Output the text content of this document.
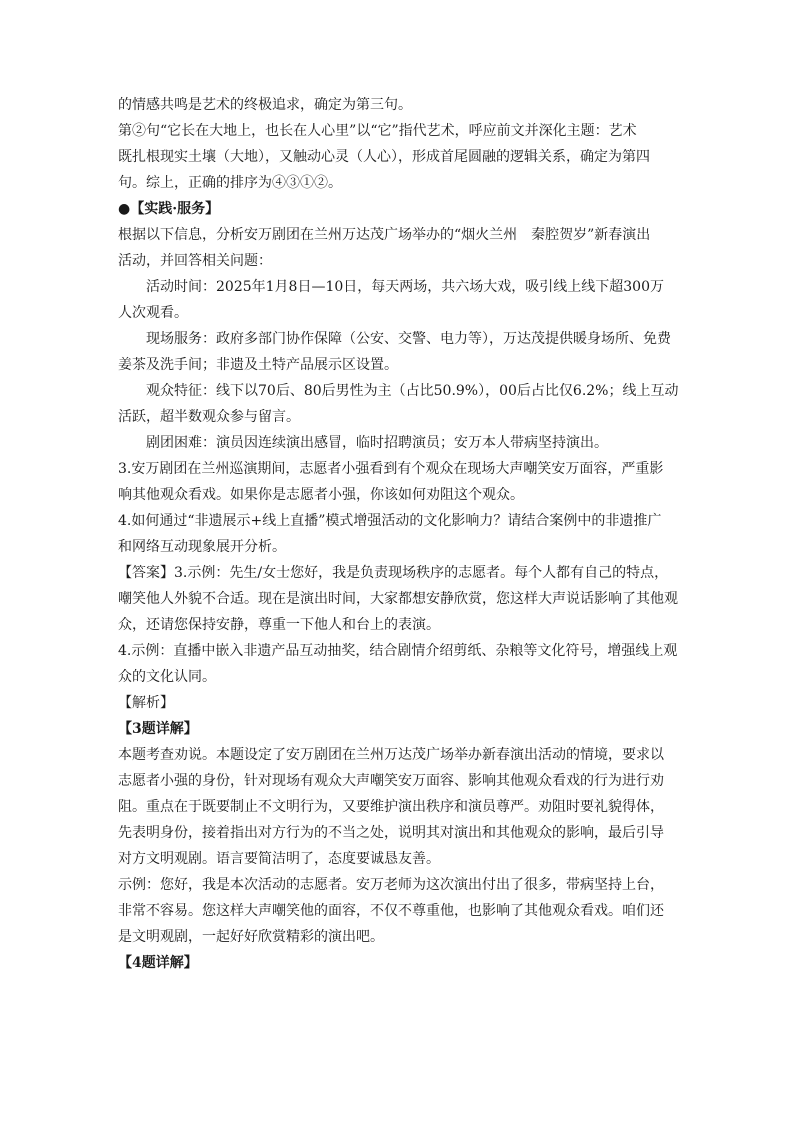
的情感共鸣是艺术的终极追求，确定为第三句。
第②句“它长在大地上，也长在人心里”以“它”指代艺术，呼应前文并深化主题：艺术
既扎根现实土壤（大地），又触动心灵（人心），形成首尾圆融的逻辑关系，确定为第四
句。综上，正确的排序为④③①②。
●【实践·服务】
根据以下信息，分析安万剧团在兰州万达茂广场举办的“烟火兰州　秦腔贺岁”新春演出
活动，并回答相关问题：
活动时间：2025年1月8日—10日，每天两场，共六场大戏，吸引线上线下超300万
人次观看。
现场服务：政府多部门协作保障（公安、交警、电力等），万达茂提供暖身场所、免费
姜茶及洗手间；非遗及土特产品展示区设置。
观众特征：线下以70后、80后男性为主（占比50.9%），00后占比仅6.2%；线上互动
活跃，超半数观众参与留言。
剧团困难：演员因连续演出感冒，临时招聘演员；安万本人带病坚持演出。
3.安万剧团在兰州巡演期间，志愿者小强看到有个观众在现场大声嘲笑安万面容，严重影
响其他观众看戏。如果你是志愿者小强，你该如何劝阻这个观众。
4.如何通过“非遗展示+线上直播”模式增强活动的文化影响力？请结合案例中的非遗推广
和网络互动现象展开分析。
【答案】3.示例：先生/女士您好，我是负责现场秩序的志愿者。每个人都有自己的特点，
嘲笑他人外貌不合适。现在是演出时间，大家都想安静欣赏，您这样大声说话影响了其他观
众，还请您保持安静，尊重一下他人和台上的表演。
4.示例：直播中嵌入非遗产品互动抽奖，结合剧情介绍剪纸、杂粮等文化符号，增强线上观
众的文化认同。
【解析】
【3题详解】
本题考查劝说。本题设定了安万剧团在兰州万达茂广场举办新春演出活动的情境，要求以
志愿者小强的身份，针对现场有观众大声嘲笑安万面容、影响其他观众看戏的行为进行劝
阻。重点在于既要制止不文明行为，又要维护演出秩序和演员尊严。劝阻时要礼貌得体，
先表明身份，接着指出对方行为的不当之处，说明其对演出和其他观众的影响，最后引导
对方文明观剧。语言要简洁明了，态度要诚恳友善。
示例：您好，我是本次活动的志愿者。安万老师为这次演出付出了很多，带病坚持上台，
非常不容易。您这样大声嘲笑他的面容，不仅不尊重他，也影响了其他观众看戏。咱们还
是文明观剧，一起好好欣赏精彩的演出吧。
【4题详解】
